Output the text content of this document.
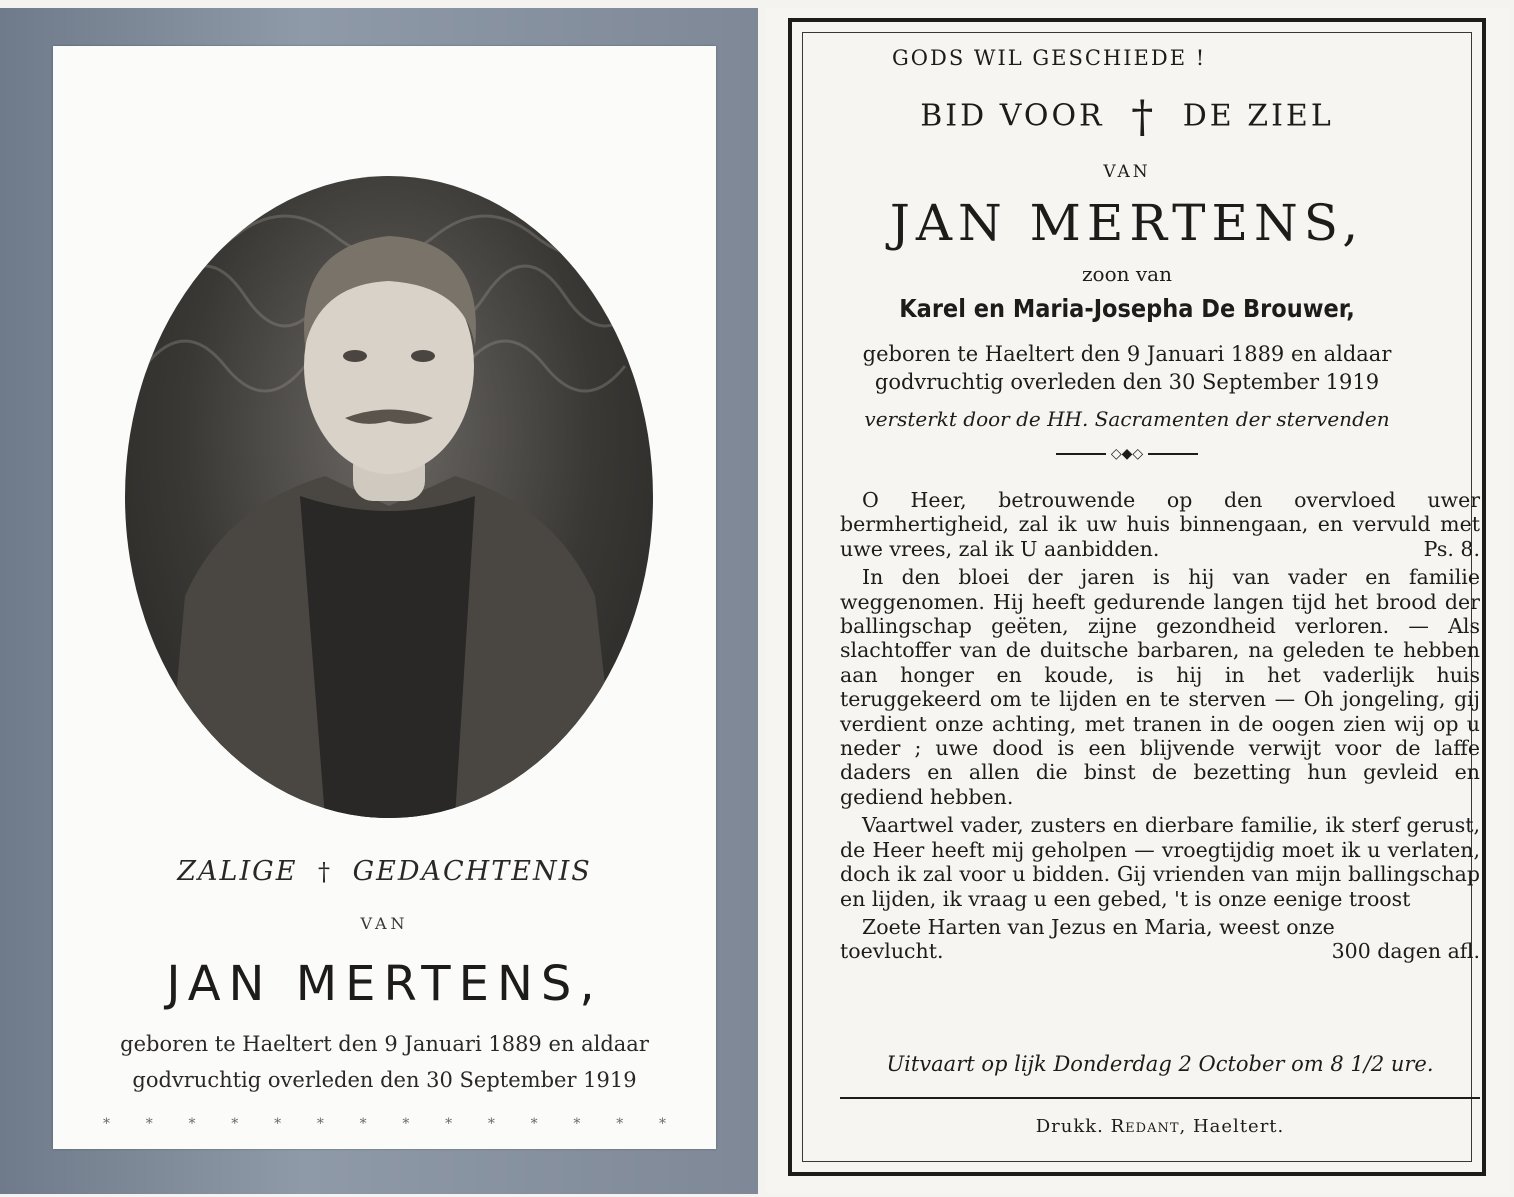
ZALIGE † GEDACHTENIS
VAN
JAN MERTENS,
geboren te Haeltert den 9 Januari 1889 en aldaar
godvruchtig overleden den 30 September 1919
*	*	*	*	*	*	*	*	*	*	*	*	*	*
GODS WIL GESCHIEDE !
BID VOOR † DE ZIEL
VAN
JAN MERTENS,
zoon van
Karel en Maria-Josepha De Brouwer,
geboren te Haeltert den 9 Januari 1889 en aldaar
godvruchtig overleden den 30 September 1919
versterkt door de HH. Sacramenten der stervenden
◇◆◇

O Heer, betrouwende op den overvloed uwer bermhertigheid, zal ik uw huis binnengaan, en vervuld met uwe vrees, zal ik U aanbidden.	Ps. 8.

In den bloei der jaren is hij van vader en familie weggenomen. Hij heeft gedurende langen tijd het brood der ballingschap geëten, zijne gezondheid verloren. — Als slachtoffer van de duitsche barbaren, na geleden te hebben aan honger en koude, is hij in het vaderlijk huis teruggekeerd om te lijden en te sterven — Oh jongeling, gij verdient onze achting, met tranen in de oogen zien wij op u neder ; uwe dood is een blijvende verwijt voor de laffe daders en allen die binst de bezetting hun gevleid en gediend hebben.

Vaartwel vader, zusters en dierbare familie, ik sterf gerust, de Heer heeft mij geholpen — vroegtijdig moet ik u verlaten, doch ik zal voor u bidden. Gij vrienden van mijn ballingschap en lijden, ik vraag u een gebed, 't is onze eenige troost

Zoete Harten van Jezus en Maria, weest onze

toevlucht.	300 dagen afl.
Uitvaart op lijk Donderdag 2 October om 8 1/2 ure.
Drukk. Redant, Haeltert.
